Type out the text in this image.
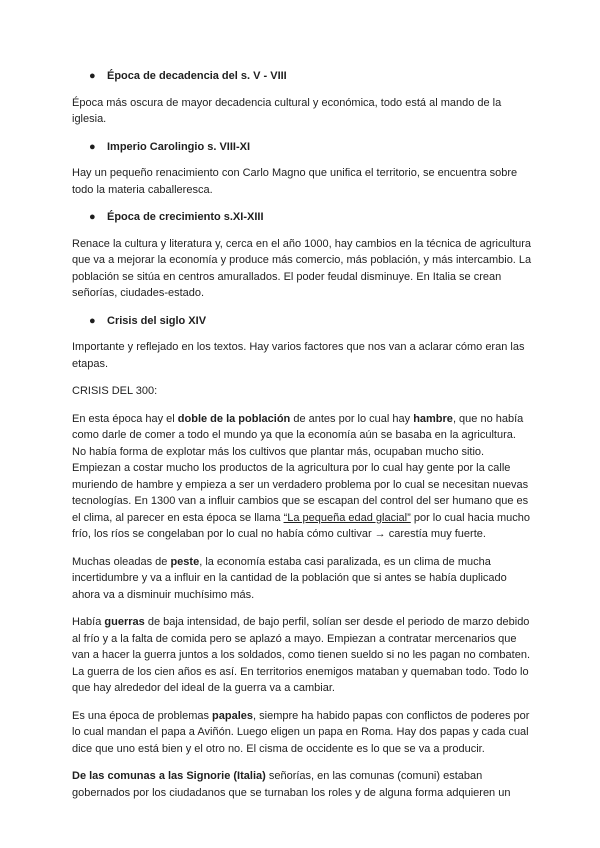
● Época de decadencia del s. V - VIII

Época más oscura de mayor decadencia cultural y económica, todo está al mando de la iglesia.

● Imperio Carolingio s. VIII-XI

Hay un pequeño renacimiento con Carlo Magno que unifica el territorio, se encuentra sobre todo la materia caballeresca.

● Época de crecimiento s.XI-XIII

Renace la cultura y literatura y, cerca en el año 1000, hay cambios en la técnica de agricultura que va a mejorar la economía y produce más comercio, más población, y más intercambio. La población se sitúa en centros amurallados. El poder feudal disminuye. En Italia se crean señorías, ciudades-estado.

● Crisis del siglo XIV

Importante y reflejado en los textos. Hay varios factores que nos van a aclarar cómo eran las etapas.

CRISIS DEL 300:

En esta época hay el doble de la población de antes por lo cual hay hambre, que no había como darle de comer a todo el mundo ya que la economía aún se basaba en la agricultura. No había forma de explotar más los cultivos que plantar más, ocupaban mucho sitio. Empiezan a costar mucho los productos de la agricultura por lo cual hay gente por la calle muriendo de hambre y empieza a ser un verdadero problema por lo cual se necesitan nuevas tecnologías. En 1300 van a influir cambios que se escapan del control del ser humano que es el clima, al parecer en esta época se llama “La pequeña edad glacial” por lo cual hacia mucho frío, los ríos se congelaban por lo cual no había cómo cultivar → carestía muy fuerte.

Muchas oleadas de peste, la economía estaba casi paralizada, es un clima de mucha incertidumbre y va a influir en la cantidad de la población que si antes se había duplicado ahora va a disminuir muchísimo más.

Había guerras de baja intensidad, de bajo perfil, solían ser desde el periodo de marzo debido al frío y a la falta de comida pero se aplazó a mayo. Empiezan a contratar mercenarios que van a hacer la guerra juntos a los soldados, como tienen sueldo si no les pagan no combaten. La guerra de los cien años es así. En territorios enemigos mataban y quemaban todo. Todo lo que hay alrededor del ideal de la guerra va a cambiar.

Es una época de problemas papales, siempre ha habido papas con conflictos de poderes por lo cual mandan el papa a Aviñón. Luego eligen un papa en Roma. Hay dos papas y cada cual dice que uno está bien y el otro no. El cisma de occidente es lo que se va a producir.

De las comunas a las Signorie (Italia) señorías, en las comunas (comuni) estaban gobernados por los ciudadanos que se turnaban los roles y de alguna forma adquieren un
